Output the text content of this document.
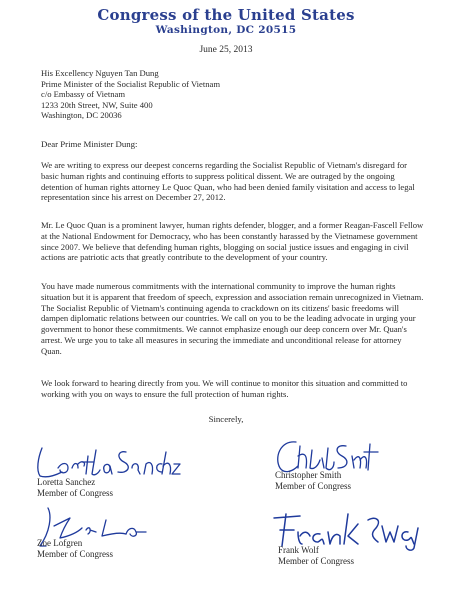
Congress of the United States
Washington, DC 20515
June 25, 2013
His Excellency Nguyen Tan Dung
Prime Minister of the Socialist Republic of Vietnam
c/o Embassy of Vietnam
1233 20th Street, NW, Suite 400
Washington, DC 20036
Dear Prime Minister Dung:
We are writing to express our deepest concerns regarding the Socialist Republic of Vietnam's disregard for basic human rights and continuing efforts to suppress political dissent. We are outraged by the ongoing detention of human rights attorney Le Quoc Quan, who had been denied family visitation and access to legal representation since his arrest on December 27, 2012.
Mr. Le Quoc Quan is a prominent lawyer, human rights defender, blogger, and a former Reagan-Fascell Fellow at the National Endowment for Democracy, who has been constantly harassed by the Vietnamese government since 2007. We believe that defending human rights, blogging on social justice issues and engaging in civil actions are patriotic acts that greatly contribute to the development of your country.
You have made numerous commitments with the international community to improve the human rights situation but it is apparent that freedom of speech, expression and association remain unrecognized in Vietnam. The Socialist Republic of Vietnam's continuing agenda to crackdown on its citizens' basic freedoms will dampen diplomatic relations between our countries. We call on you to be the leading advocate in urging your government to honor these commitments. We cannot emphasize enough our deep concern over Mr. Quan's arrest. We urge you to take all measures in securing the immediate and unconditional release for attorney Quan.
We look forward to hearing directly from you. We will continue to monitor this situation and committed to working with you on ways to ensure the full protection of human rights.
Sincerely,
Loretta Sanchez
Member of Congress
Christopher Smith
Member of Congress
Zoe Lofgren
Member of Congress	Frank Wolf
Member of Congress
